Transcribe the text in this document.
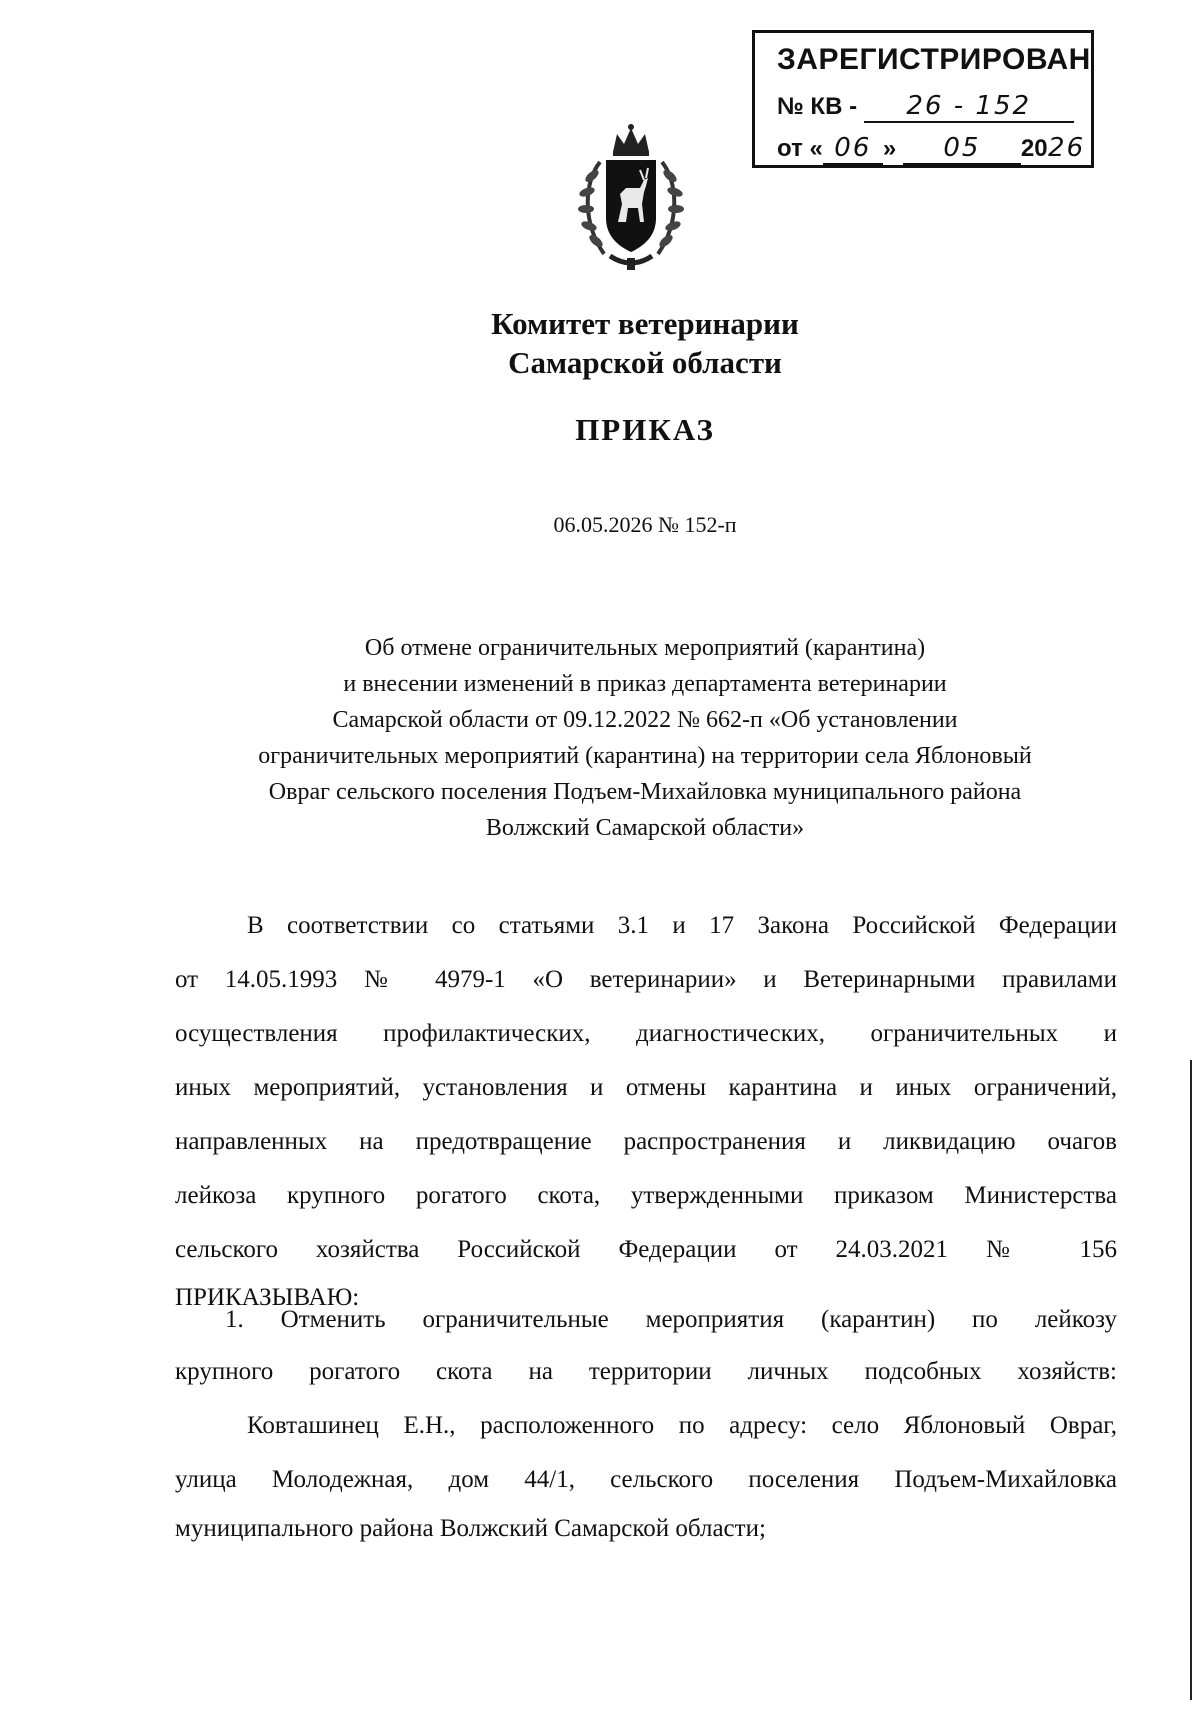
ЗАРЕГИСТРИРОВАН
№ КВ - 26 - 152
от « 06 » 05 2026
Комитет ветеринарии
Самарской области
ПРИКАЗ
06.05.2026 № 152-п
Об отмене ограничительных мероприятий (карантина)
и внесении изменений в приказ департамента ветеринарии
Самарской области от 09.12.2022 № 662-п «Об установлении
ограничительных мероприятий (карантина) на территории села Яблоновый
Овраг сельского поселения Подъем-Михайловка муниципального района
Волжский Самарской области»
В соответствии со статьями 3.1 и 17 Закона Российской Федерации
от 14.05.1993 № 4979-1 «О ветеринарии» и Ветеринарными правилами
осуществления профилактических, диагностических, ограничительных и
иных мероприятий, установления и отмены карантина и иных ограничений,
направленных на предотвращение распространения и ликвидацию очагов
лейкоза крупного рогатого скота, утвержденными приказом Министерства
сельского хозяйства Российской Федерации от 24.03.2021 № 156
ПРИКАЗЫВАЮ:
1. Отменить ограничительные мероприятия (карантин) по лейкозу
крупного рогатого скота на территории личных подсобных хозяйств:
Ковташинец Е.Н., расположенного по адресу: село Яблоновый Овраг,
улица Молодежная, дом 44/1, сельского поселения Подъем-Михайловка
муниципального района Волжский Самарской области;
